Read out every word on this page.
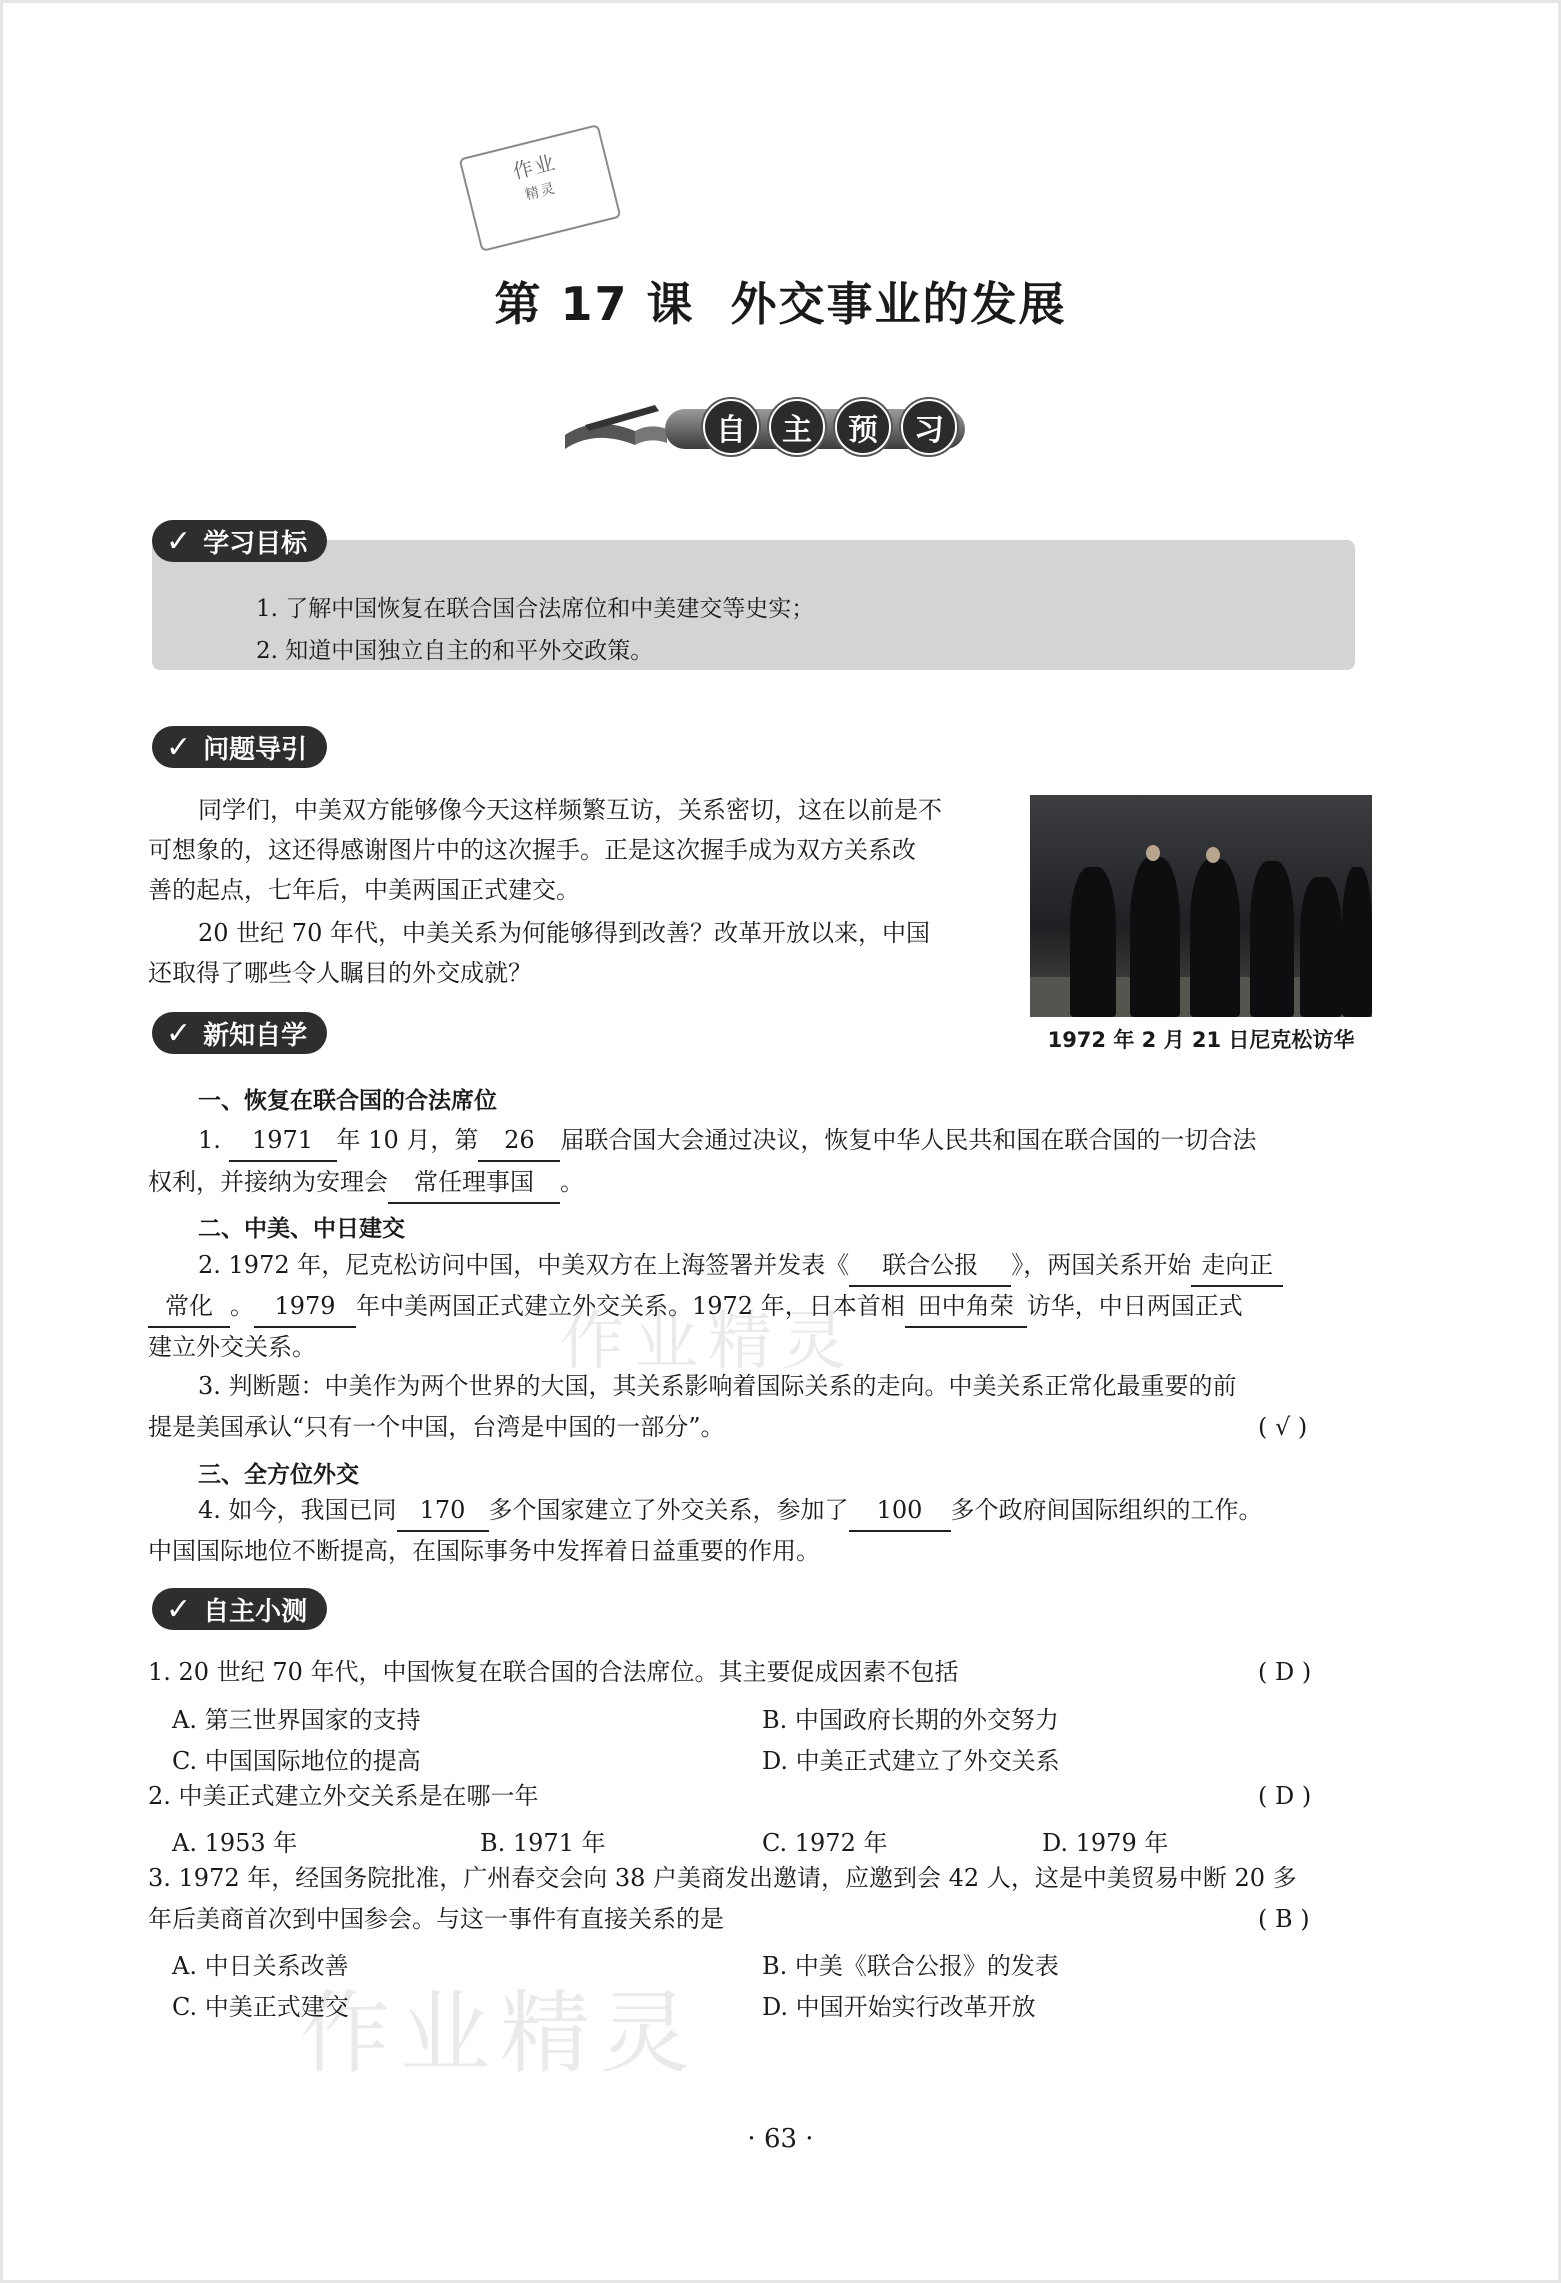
作业精灵
作业精灵
作业
精灵
第 17 课 外交事业的发展
自	主	预	习

1. 了解中国恢复在联合国合法席位和中美建交等史实；

2. 知道中国独立自主的和平外交政策。

✓ 学习目标
✓ 问题导引
同学们，中美双方能够像今天这样频繁互访，关系密切，这在以前是不
可想象的，这还得感谢图片中的这次握手。正是这次握手成为双方关系改
善的起点，七年后，中美两国正式建交。
20 世纪 70 年代，中美关系为何能够得到改善？改革开放以来，中国
还取得了哪些令人瞩目的外交成就？
1972 年 2 月 21 日尼克松访华
✓ 新知自学
一、恢复在联合国的合法席位
1. 1971 年 10 月，第 26 届联合国大会通过决议，恢复中华人民共和国在联合国的一切合法
权利，并接纳为安理会 常任理事国 。
二、中美、中日建交
2. 1972 年，尼克松访问中国，中美双方在上海签署并发表《 联合公报 》，两国关系开始 走向正
常化 。 1979 年中美两国正式建立外交关系。1972 年，日本首相 田中角荣 访华，中日两国正式
建立外交关系。
3. 判断题：中美作为两个世界的大国，其关系影响着国际关系的走向。中美关系正常化最重要的前
提是美国承认“只有一个中国，台湾是中国的一部分”。	( √ )
三、全方位外交
4. 如今，我国已同 170 多个国家建立了外交关系，参加了 100 多个政府间国际组织的工作。
中国国际地位不断提高，在国际事务中发挥着日益重要的作用。
✓ 自主小测
1. 20 世纪 70 年代，中国恢复在联合国的合法席位。其主要促成因素不包括	( D )
A. 第三世界国家的支持	B. 中国政府长期的外交努力
C. 中国国际地位的提高	D. 中美正式建立了外交关系
2. 中美正式建立外交关系是在哪一年	( D )
A. 1953 年	B. 1971 年	C. 1972 年	D. 1979 年
3. 1972 年，经国务院批准，广州春交会向 38 户美商发出邀请，应邀到会 42 人，这是中美贸易中断 20 多
年后美商首次到中国参会。与这一事件有直接关系的是	( B )
A. 中日关系改善	B. 中美《联合公报》的发表
C. 中美正式建交	D. 中国开始实行改革开放
· 63 ·
